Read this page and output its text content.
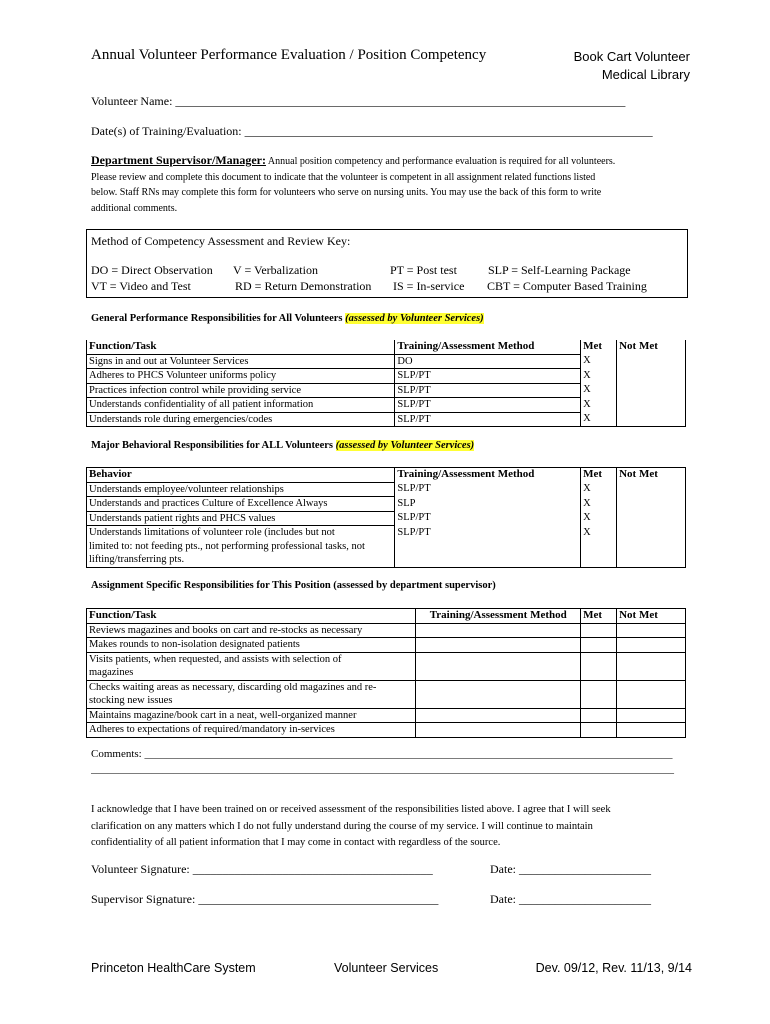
Annual Volunteer Performance Evaluation / Position Competency	Book Cart Volunteer
Medical Library
Volunteer Name: ___________________________________________________________________________
Date(s) of Training/Evaluation: ____________________________________________________________________
Department Supervisor/Manager: Annual position competency and performance evaluation is required for all volunteers.
Please review and complete this document to indicate that the volunteer is competent in all assignment related functions listed
below. Staff RNs may complete this form for volunteers who serve on nursing units. You may use the back of this form to write
additional comments.
Method of Competency Assessment and Review Key:
DO = Direct Observation V = Verbalization	PT = Post test	SLP = Self-Learning Package
VT = Video and Test	RD = Return Demonstration IS = In-service CBT = Computer Based Training
General Performance Responsibilities for All Volunteers (assessed by Volunteer Services)
Function/Task	Training/Assessment Method	Met	Not Met
Signs in and out at Volunteer Services	DO	X	
Adheres to PHCS Volunteer uniforms policy	SLP/PT	X	
Practices infection control while providing service	SLP/PT	X	
Understands confidentiality of all patient information	SLP/PT	X	
Understands role during emergencies/codes	SLP/PT	X	
Major Behavioral Responsibilities for ALL Volunteers (assessed by Volunteer Services)
Behavior	Training/Assessment Method	Met	Not Met
Understands employee/volunteer relationships	SLP/PT	X	
Understands and practices Culture of Excellence Always	SLP	X	
Understands patient rights and PHCS values	SLP/PT	X	

Understands limitations of volunteer role (includes but not
limited to: not feeding pts., not performing professional tasks, not
lifting/transferring pts.	SLP/PT	X	
Assignment Specific Responsibilities for This Position (assessed by department supervisor)
Function/Task	Training/Assessment Method	Met	Not Met
Reviews magazines and books on cart and re-stocks as necessary			
Makes rounds to non-isolation designated patients			

Visits patients, when requested, and assists with selection of
magazines			

Checks waiting areas as necessary, discarding old magazines and re-
stocking new issues			

Maintains magazine/book cart in a neat, well-organized manner			
Adheres to expectations of required/mandatory in-services			
Comments: ________________________________________________________________________________________________
__________________________________________________________________________________________________________
I acknowledge that I have been trained on or received assessment of the responsibilities listed above. I agree that I will seek
clarification on any matters which I do not fully understand during the course of my service. I will continue to maintain
confidentiality of all patient information that I may come in contact with regardless of the source.
Volunteer Signature: ________________________________________	Date: ______________________
Supervisor Signature: ________________________________________	Date: ______________________
Princeton HealthCare System	Volunteer Services	Dev. 09/12, Rev. 11/13, 9/14
